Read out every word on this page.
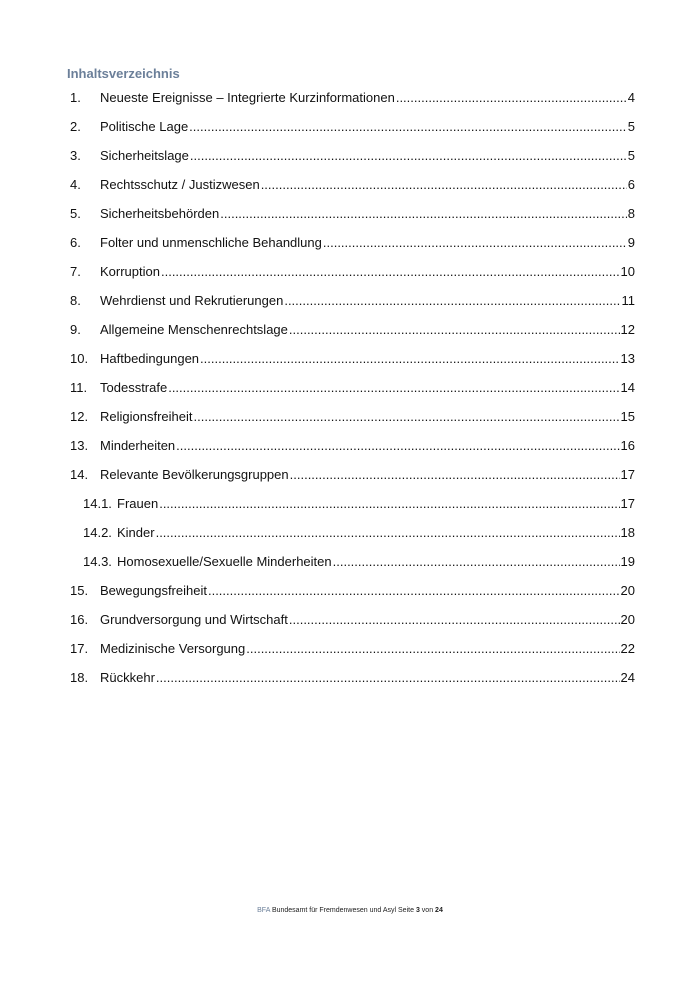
Inhaltsverzeichnis
1.	Neueste Ereignisse – Integrierte Kurzinformationen .....	4
2.	Politische Lage .....	5
3.	Sicherheitslage .....	5
4.	Rechtsschutz / Justizwesen .....	6
5.	Sicherheitsbehörden .....	8
6.	Folter und unmenschliche Behandlung .....	9
7.	Korruption .....	10
8.	Wehrdienst und Rekrutierungen .....	11
9.	Allgemeine Menschenrechtslage .....	12
10. Haftbedingungen .....	13
11. Todesstrafe .....	14
12. Religionsfreiheit .....	15
13. Minderheiten .....	16
14. Relevante Bevölkerungsgruppen .....	17
14.1. Frauen .....	17
14.2. Kinder .....	18
14.3. Homosexuelle/Sexuelle Minderheiten .....	19
15. Bewegungsfreiheit .....	20
16. Grundversorgung und Wirtschaft .....	20
17. Medizinische Versorgung .....	22
18. Rückkehr .....	24
BFA Bundesamt für Fremdenwesen und Asyl Seite 3 von 24
